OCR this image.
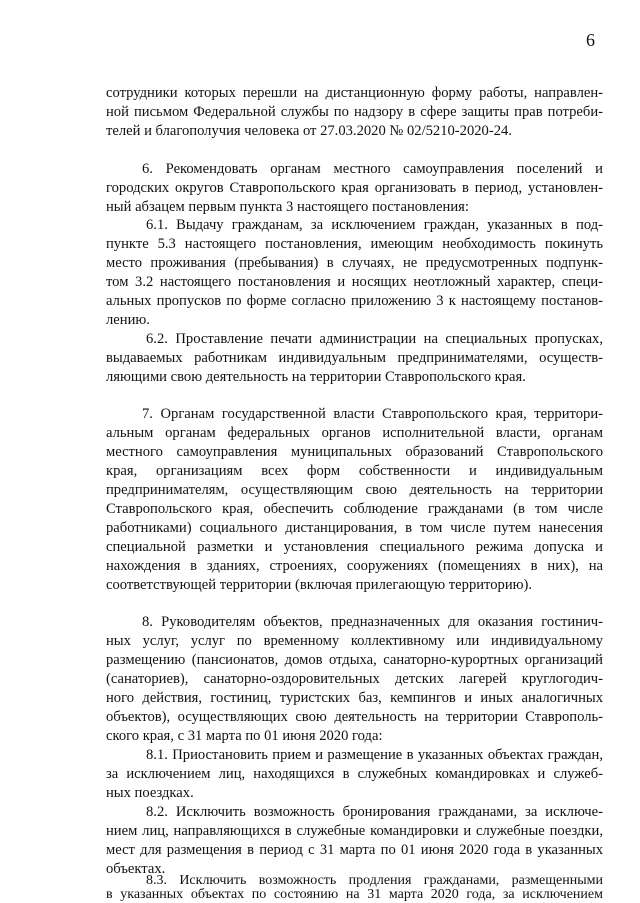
6
сотрудники которых перешли на дистанционную форму работы, направлен-
ной письмом Федеральной службы по надзору в сфере защиты прав потреби-
телей и благополучия человека от 27.03.2020 № 02/5210-2020-24.
6. Рекомендовать органам местного самоуправления поселений и
городских округов Ставропольского края организовать в период, установлен-
ный абзацем первым пункта 3 настоящего постановления:
6.1. Выдачу гражданам, за исключением граждан, указанных в под-
пункте 5.3 настоящего постановления, имеющим необходимость покинуть
место проживания (пребывания) в случаях, не предусмотренных подпунк-
том 3.2 настоящего постановления и носящих неотложный характер, специ-
альных пропусков по форме согласно приложению 3 к настоящему постанов-
лению.
6.2. Проставление печати администрации на специальных пропусках,
выдаваемых работникам индивидуальным предпринимателями, осуществ-
ляющими свою деятельность на территории Ставропольского края.
7. Органам государственной власти Ставропольского края, территори-
альным органам федеральных органов исполнительной власти, органам
местного самоуправления муниципальных образований Ставропольского
края, организациям всех форм собственности и индивидуальным
предпринимателям, осуществляющим свою деятельность на территории
Ставропольского края, обеспечить соблюдение гражданами (в том числе
работниками) социального дистанцирования, в том числе путем нанесения
специальной разметки и установления специального режима допуска и
нахождения в зданиях, строениях, сооружениях (помещениях в них), на
соответствующей территории (включая прилегающую территорию).
8. Руководителям объектов, предназначенных для оказания гостинич-
ных услуг, услуг по временному коллективному или индивидуальному
размещению (пансионатов, домов отдыха, санаторно-курортных организаций
(санаториев), санаторно-оздоровительных детских лагерей круглогодич-
ного действия, гостиниц, туристских баз, кемпингов и иных аналогичных
объектов), осуществляющих свою деятельность на территории Ставрополь-
ского края, с 31 марта по 01 июня 2020 года:
8.1. Приостановить прием и размещение в указанных объектах граждан,
за исключением лиц, находящихся в служебных командировках и служеб-
ных поездках.
8.2. Исключить возможность бронирования гражданами, за исключе-
нием лиц, направляющихся в служебные командировки и служебные поездки,
мест для размещения в период с 31 марта по 01 июня 2020 года в указанных
объектах.
8.3. Исключить возможность продления гражданами, размещенными
в указанных объектах по состоянию на 31 марта 2020 года, за исключением
